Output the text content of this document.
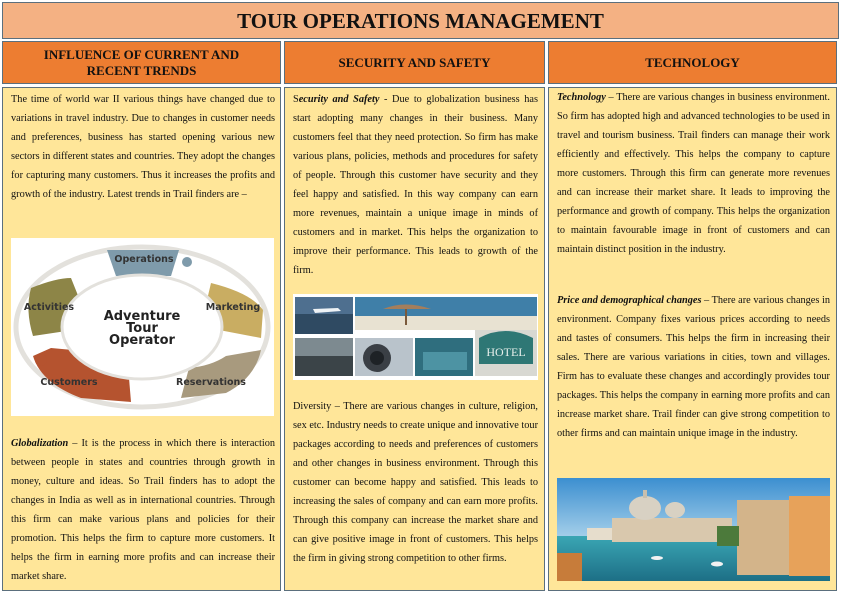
TOUR OPERATIONS MANAGEMENT
INFLUENCE OF CURRENT AND RECENT TRENDS
SECURITY AND SAFETY	TECHNOLOGY
The time of world war II various things have changed due to variations in travel industry. Due to changes in customer needs and preferences, business has started opening various new sectors in different states and countries. They adopt the changes for capturing many customers. Thus it increases the profits and growth of the industry. Latest trends in Trail finders are –
Adventure
Tour
Operator
Operations
Marketing
Reservations
Customers
Activities
Globalization – It is the process in which there is interaction between people in states and countries through growth in money, culture and ideas. So Trail finders has to adopt the changes in India as well as in international countries. Through this firm can make various plans and policies for their promotion. This helps the firm to capture more customers. It helps the firm in earning more profits and can increase their market share.
Security and Safety - Due to globalization business has start adopting many changes in their business. Many customers feel that they need protection. So firm has make various plans, policies, methods and procedures for safety of people. Through this customer have security and they feel happy and satisfied. In this way company can earn more revenues, maintain a unique image in minds of customers and in market. This helps the organization to improve their performance. This leads to growth of the firm.
HOTEL
Diversity – There are various changes in culture, religion, sex etc. Industry needs to create unique and innovative tour packages according to needs and preferences of customers and other changes in business environment. Through this customer can become happy and satisfied. This leads to increasing the sales of company and can earn more profits. Through this company can increase the market share and can give positive image in front of customers. This helps the firm in giving strong competition to other firms.
Technology – There are various changes in business environment. So firm has adopted high and advanced technologies to be used in travel and tourism business. Trail finders can manage their work efficiently and effectively. This helps the company to capture more customers. Through this firm can generate more revenues and can increase their market share. It leads to improving the performance and growth of company. This helps the organization to maintain favourable image in front of customers and can maintain distinct position in the industry.
Price and demographical changes – There are various changes in environment. Company fixes various prices according to needs and tastes of consumers. This helps the firm in increasing their sales. There are various variations in cities, town and villages. Firm has to evaluate these changes and accordingly provides tour packages. This helps the company in earning more profits and can increase market share. Trail finder can give strong competition to other firms and can maintain unique image in the industry.
